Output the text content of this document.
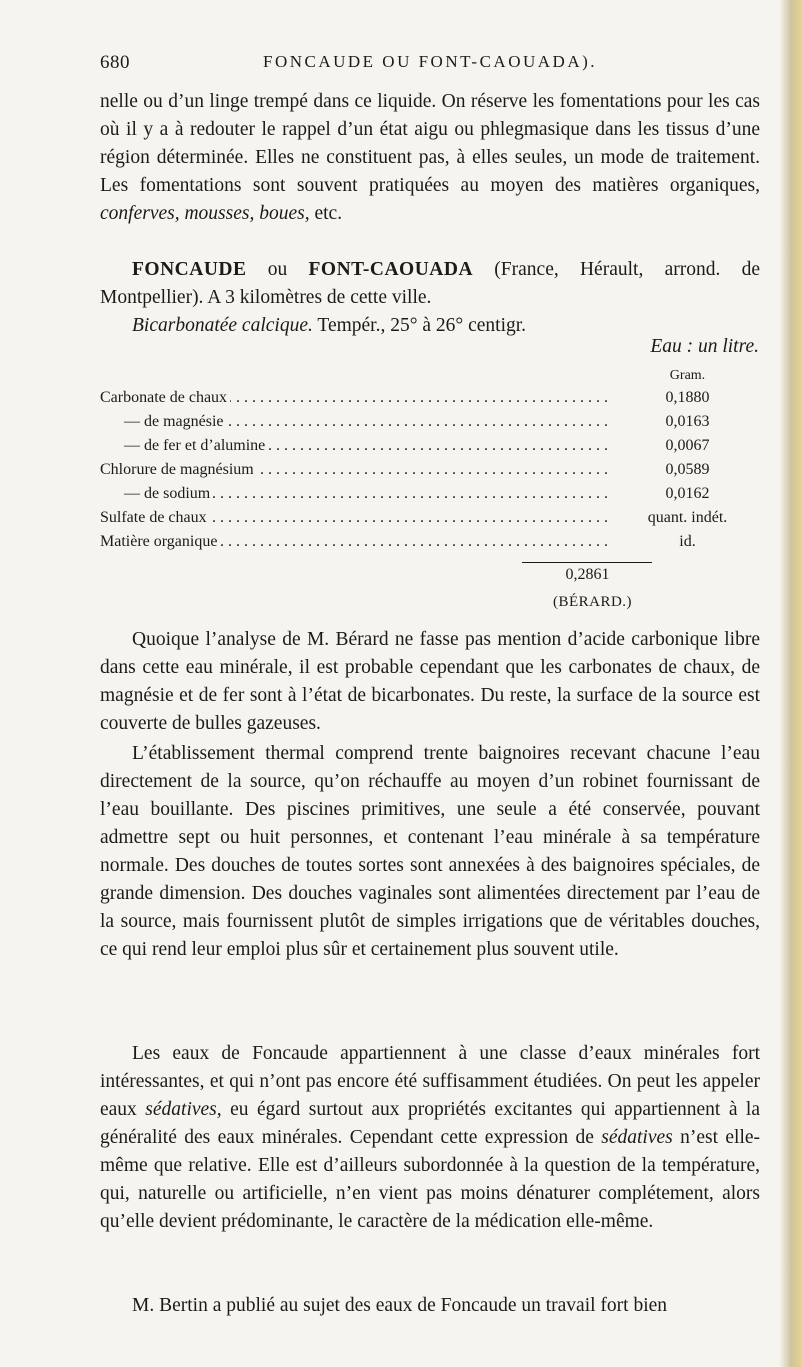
680	FONCAUDE OU FONT-CAOUADA).

nelle ou d’un linge trempé dans ce liquide. On réserve les fomentations pour les cas où il y a à redouter le rappel d’un état aigu ou phlegmasique dans les tissus d’une région déterminée. Elles ne constituent pas, à elles seules, un mode de traitement. Les fomentations sont souvent pratiquées au moyen des matières organiques, conferves, mousses, boues, etc.

FONCAUDE ou FONT-CAOUADA (France, Hérault, arrond. de Montpellier). A 3 kilomètres de cette ville.

Bicarbonatée calcique. Tempér., 25° à 26° centigr.

Eau : un litre.
Gram.
Carbonate de chaux . . .	0,1880
— de magnésie . . .	0,0163
— de fer et d’alumine . . .	0,0067
Chlorure de magnésium . . .	0,0589
— de sodium . . .	0,0162
Sulfate de chaux . . .	quant. indét.
Matière organique . . .	id.
0,2861
(BÉRARD.)

Quoique l’analyse de M. Bérard ne fasse pas mention d’acide carbonique libre dans cette eau minérale, il est probable cependant que les carbonates de chaux, de magnésie et de fer sont à l’état de bicarbonates. Du reste, la surface de la source est couverte de bulles gazeuses.

L’établissement thermal comprend trente baignoires recevant chacune l’eau directement de la source, qu’on réchauffe au moyen d’un robinet fournissant de l’eau bouillante. Des piscines primitives, une seule a été conservée, pouvant admettre sept ou huit personnes, et contenant l’eau minérale à sa température normale. Des douches de toutes sortes sont annexées à des baignoires spéciales, de grande dimension. Des douches vaginales sont alimentées directement par l’eau de la source, mais fournissent plutôt de simples irrigations que de véritables douches, ce qui rend leur emploi plus sûr et certainement plus souvent utile.

Les eaux de Foncaude appartiennent à une classe d’eaux minérales fort intéressantes, et qui n’ont pas encore été suffisamment étudiées. On peut les appeler eaux sédatives, eu égard surtout aux propriétés excitantes qui appartiennent à la généralité des eaux minérales. Cependant cette expression de sédatives n’est elle-même que relative. Elle est d’ailleurs subordonnée à la question de la température, qui, naturelle ou artificielle, n’en vient pas moins dénaturer complétement, alors qu’elle devient prédominante, le caractère de la médication elle-même.

M. Bertin a publié au sujet des eaux de Foncaude un travail fort bien
